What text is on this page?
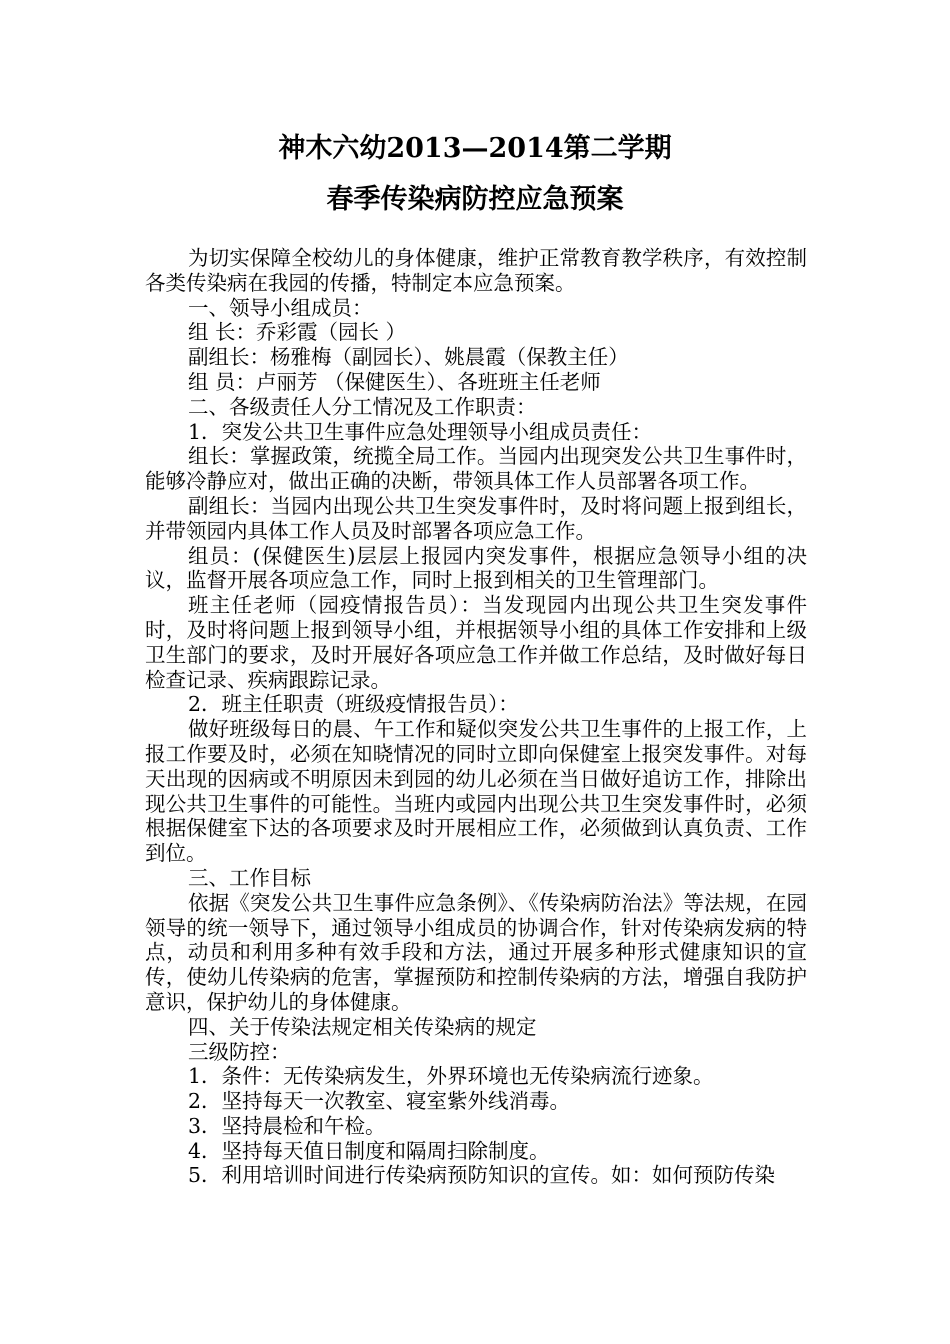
神木六幼2013—2014第二学期
春季传染病防控应急预案

为切实保障全校幼儿的身体健康，维护正常教育教学秩序，有效控制各类传染病在我园的传播，特制定本应急预案。

一、领导小组成员：

组 长：乔彩霞（园长 ）

副组长：杨雅梅（副园长）、姚晨霞（保教主任）

组 员：卢丽芳 （保健医生）、各班班主任老师

二、各级责任人分工情况及工作职责：

1．突发公共卫生事件应急处理领导小组成员责任：

组长：掌握政策，统揽全局工作。当园内出现突发公共卫生事件时，能够冷静应对，做出正确的决断，带领具体工作人员部署各项工作。

副组长：当园内出现公共卫生突发事件时，及时将问题上报到组长，并带领园内具体工作人员及时部署各项应急工作。

组员：(保健医生)层层上报园内突发事件，根据应急领导小组的决议，监督开展各项应急工作，同时上报到相关的卫生管理部门。

班主任老师（园疫情报告员）：当发现园内出现公共卫生突发事件时，及时将问题上报到领导小组，并根据领导小组的具体工作安排和上级卫生部门的要求，及时开展好各项应急工作并做工作总结，及时做好每日检查记录、疾病跟踪记录。

2．班主任职责（班级疫情报告员）：

做好班级每日的晨、午工作和疑似突发公共卫生事件的上报工作，上报工作要及时，必须在知晓情况的同时立即向保健室上报突发事件。对每天出现的因病或不明原因未到园的幼儿必须在当日做好追访工作，排除出现公共卫生事件的可能性。当班内或园内出现公共卫生突发事件时，必须根据保健室下达的各项要求及时开展相应工作，必须做到认真负责、工作到位。

三、工作目标

依据《突发公共卫生事件应急条例》、《传染病防治法》等法规，在园领导的统一领导下，通过领导小组成员的协调合作，针对传染病发病的特点，动员和利用多种有效手段和方法，通过开展多种形式健康知识的宣传，使幼儿传染病的危害，掌握预防和控制传染病的方法，增强自我防护意识，保护幼儿的身体健康。

四、关于传染法规定相关传染病的规定

三级防控：

1．条件：无传染病发生，外界环境也无传染病流行迹象。

2．坚持每天一次教室、寝室紫外线消毒。

3．坚持晨检和午检。

4．坚持每天值日制度和隔周扫除制度。

5．利用培训时间进行传染病预防知识的宣传。如：如何预防传染
